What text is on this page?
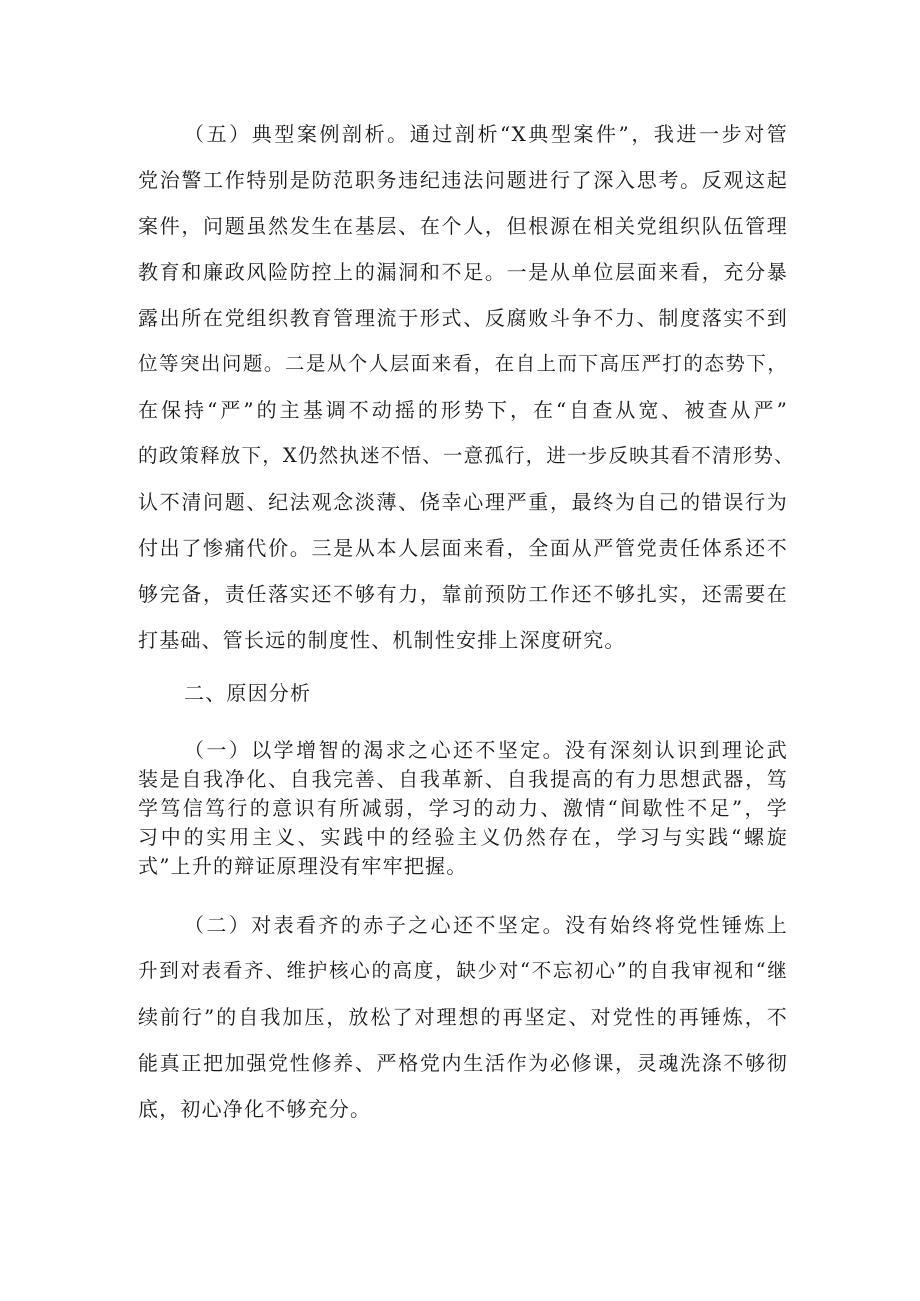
（五）典型案例剖析。通过剖析“X典型案件”，我进一步对管
党治警工作特别是防范职务违纪违法问题进行了深入思考。反观这起
案件，问题虽然发生在基层、在个人，但根源在相关党组织队伍管理
教育和廉政风险防控上的漏洞和不足。一是从单位层面来看，充分暴
露出所在党组织教育管理流于形式、反腐败斗争不力、制度落实不到
位等突出问题。二是从个人层面来看，在自上而下高压严打的态势下，
在保持“严”的主基调不动摇的形势下，在“自查从宽、被查从严”
的政策释放下，X仍然执迷不悟、一意孤行，进一步反映其看不清形势、
认不清问题、纪法观念淡薄、侥幸心理严重，最终为自己的错误行为
付出了惨痛代价。三是从本人层面来看，全面从严管党责任体系还不
够完备，责任落实还不够有力，靠前预防工作还不够扎实，还需要在
打基础、管长远的制度性、机制性安排上深度研究。
二、原因分析
（一）以学增智的渴求之心还不坚定。没有深刻认识到理论武
装是自我净化、自我完善、自我革新、自我提高的有力思想武器，笃
学笃信笃行的意识有所减弱，学习的动力、激情“间歇性不足”，学
习中的实用主义、实践中的经验主义仍然存在，学习与实践“螺旋
式”上升的辩证原理没有牢牢把握。
（二）对表看齐的赤子之心还不坚定。没有始终将党性锤炼上
升到对表看齐、维护核心的高度，缺少对“不忘初心”的自我审视和“继
续前行”的自我加压，放松了对理想的再坚定、对党性的再锤炼，不
能真正把加强党性修养、严格党内生活作为必修课，灵魂洗涤不够彻
底，初心净化不够充分。
